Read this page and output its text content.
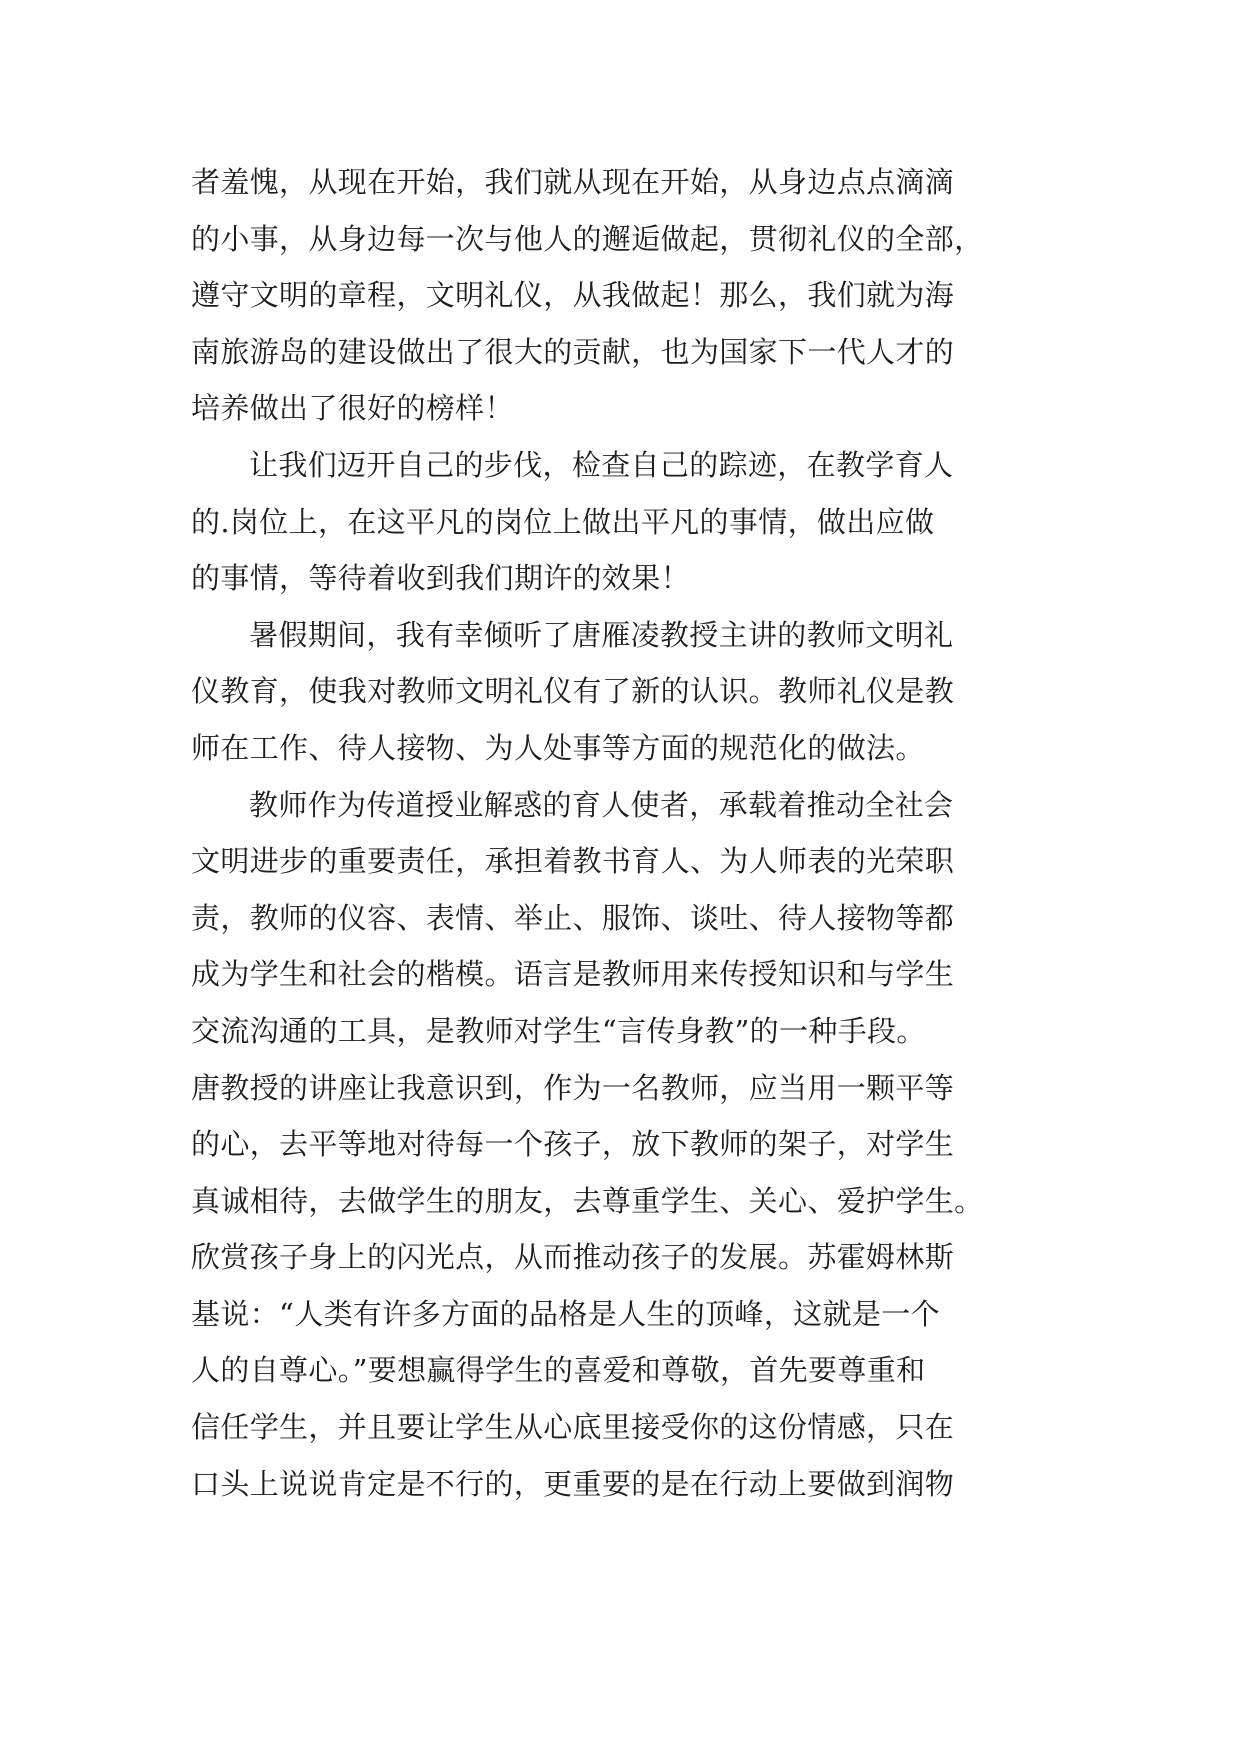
者羞愧，从现在开始，我们就从现在开始，从身边点点滴滴
的小事，从身边每一次与他人的邂逅做起，贯彻礼仪的全部，
遵守文明的章程，文明礼仪，从我做起！那么，我们就为海
南旅游岛的建设做出了很大的贡献，也为国家下一代人才的
培养做出了很好的榜样！
让我们迈开自己的步伐，检查自己的踪迹，在教学育人
的.岗位上，在这平凡的岗位上做出平凡的事情，做出应做
的事情，等待着收到我们期许的效果！
暑假期间，我有幸倾听了唐雁凌教授主讲的教师文明礼
仪教育，使我对教师文明礼仪有了新的认识。教师礼仪是教
师在工作、待人接物、为人处事等方面的规范化的做法。
教师作为传道授业解惑的育人使者，承载着推动全社会
文明进步的重要责任，承担着教书育人、为人师表的光荣职
责，教师的仪容、表情、举止、服饰、谈吐、待人接物等都
成为学生和社会的楷模。语言是教师用来传授知识和与学生
交流沟通的工具，是教师对学生“言传身教”的一种手段。
唐教授的讲座让我意识到，作为一名教师，应当用一颗平等
的心，去平等地对待每一个孩子，放下教师的架子，对学生
真诚相待，去做学生的朋友，去尊重学生、关心、爱护学生。
欣赏孩子身上的闪光点，从而推动孩子的发展。苏霍姆林斯
基说：“人类有许多方面的品格是人生的顶峰，这就是一个
人的自尊心。”要想赢得学生的喜爱和尊敬，首先要尊重和
信任学生，并且要让学生从心底里接受你的这份情感，只在
口头上说说肯定是不行的，更重要的是在行动上要做到润物
